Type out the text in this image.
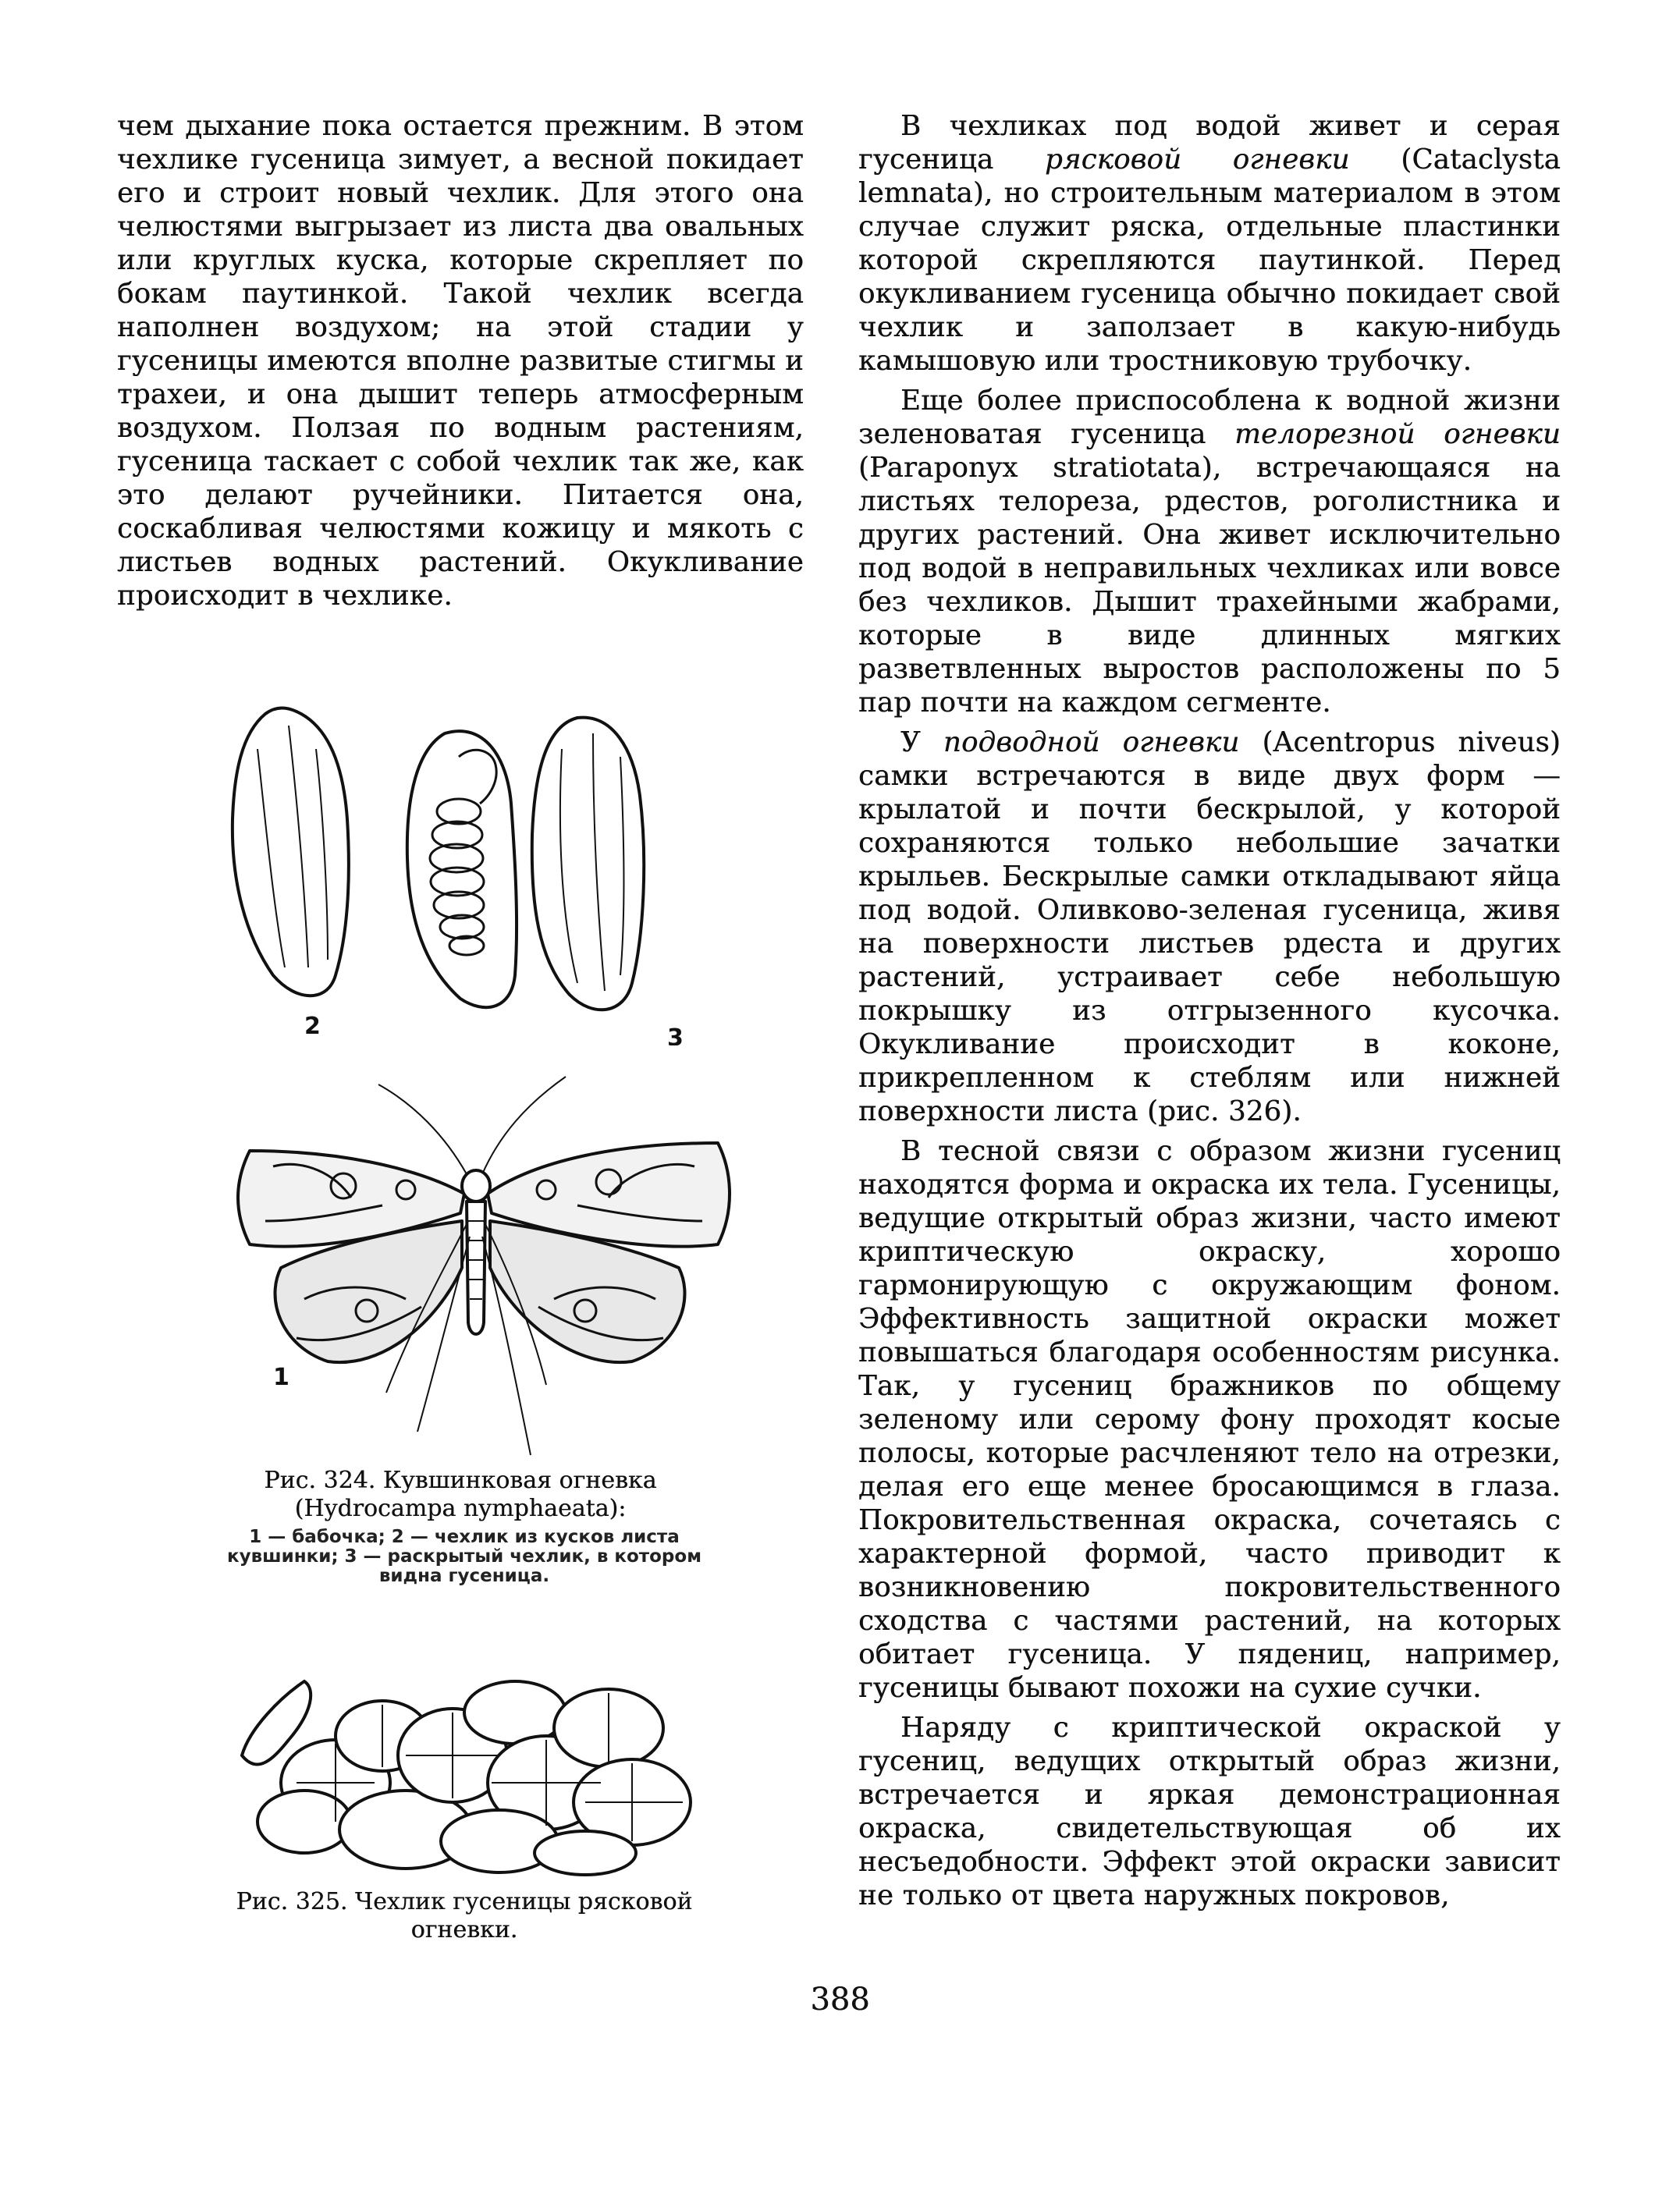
чем дыхание пока остается прежним. В этом чехлике гусеница зимует, а весной покидает его и строит новый чехлик. Для этого она челюстями выгрызает из листа два овальных или круглых куска, которые скрепляет по бокам паутинкой. Такой чехлик всегда наполнен воздухом; на этой стадии у гусеницы имеются вполне развитые стигмы и трахеи, и она дышит теперь атмосферным воздухом. Ползая по водным растениям, гусеница таскает с собой чехлик так же, как это делают ручейники. Питается она, соскабливая челюстями кожицу и мякоть с листьев водных растений. Окукливание происходит в чехлике.

2	3
1
Рис. 324. Кувшинковая огневка (Hydrocampa nymphaeata):
1 — бабочка; 2 — чехлик из кусков листа кувшинки; 3 — раскрытый чехлик, в котором видна гусеница.
Рис. 325. Чехлик гусеницы рясковой огневки.

В чехликах под водой живет и серая гусеница рясковой огневки (Cataclysta lemnata), но строительным материалом в этом случае служит ряска, отдельные пластинки которой скрепляются паутинкой. Перед окукливанием гусеница обычно покидает свой чехлик и заползает в какую-нибудь камышовую или тростниковую трубочку.

Еще более приспособлена к водной жизни зеленоватая гусеница телорезной огневки (Paraponyx stratiotata), встречающаяся на листьях телореза, рдестов, роголистника и других растений. Она живет исключительно под водой в неправильных чехликах или вовсе без чехликов. Дышит трахейными жабрами, которые в виде длинных мягких разветвленных выростов расположены по 5 пар почти на каждом сегменте.

У подводной огневки (Acentropus niveus) самки встречаются в виде двух форм — крылатой и почти бескрылой, у которой сохраняются только небольшие зачатки крыльев. Бескрылые самки откладывают яйца под водой. Оливково-зеленая гусеница, живя на поверхности листьев рдеста и других растений, устраивает себе небольшую покрышку из отгрызенного кусочка. Окукливание происходит в коконе, прикрепленном к стеблям или нижней поверхности листа (рис. 326).

В тесной связи с образом жизни гусениц находятся форма и окраска их тела. Гусеницы, ведущие открытый образ жизни, часто имеют криптическую окраску, хорошо гармонирующую с окружающим фоном. Эффективность защитной окраски может повышаться благодаря особенностям рисунка. Так, у гусениц бражников по общему зеленому или серому фону проходят косые полосы, которые расчленяют тело на отрезки, делая его еще менее бросающимся в глаза. Покровительственная окраска, сочетаясь с характерной формой, часто приводит к возникновению покровительственного сходства с частями растений, на которых обитает гусеница. У пядениц, например, гусеницы бывают похожи на сухие сучки.

Наряду с криптической окраской у гусениц, ведущих открытый образ жизни, встречается и яркая демонстрационная окраска, свидетельствующая об их несъедобности. Эффект этой окраски зависит не только от цвета наружных покровов,

388
